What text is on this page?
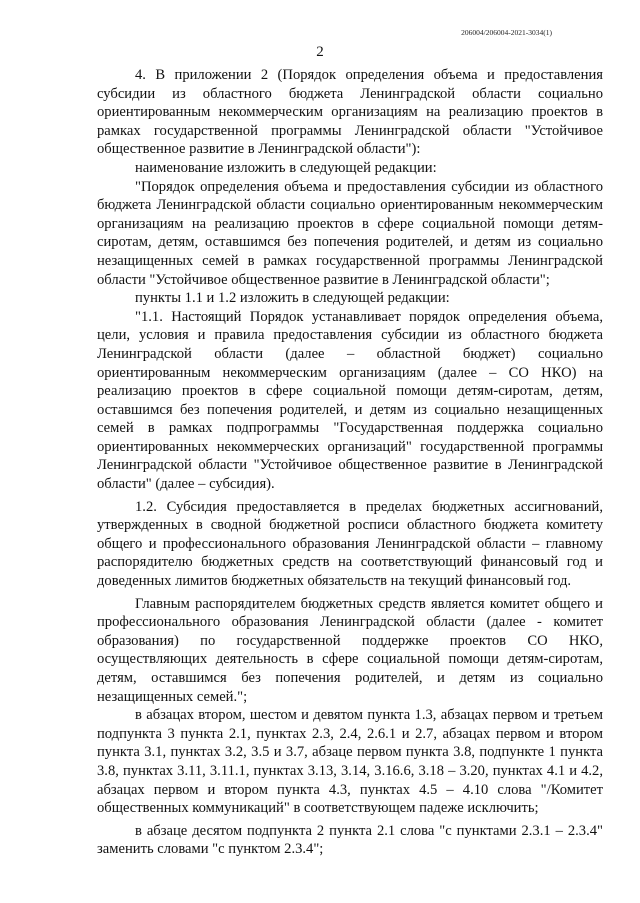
206004/206004-2021-3034(1)
2

4. В приложении 2 (Порядок определения объема и предоставления субсидии из областного бюджета Ленинградской области социально ориентированным некоммерческим организациям на реализацию проектов в рамках государственной программы Ленинградской области "Устойчивое общественное развитие в Ленинградской области"):

наименование изложить в следующей редакции:

"Порядок определения объема и предоставления субсидии из областного бюджета Ленинградской области социально ориентированным некоммерческим организациям на реализацию проектов в сфере социальной помощи детям-сиротам, детям, оставшимся без попечения родителей, и детям из социально незащищенных семей в рамках государственной программы Ленинградской области "Устойчивое общественное развитие в Ленинградской области";

пункты 1.1 и 1.2 изложить в следующей редакции:

"1.1. Настоящий Порядок устанавливает порядок определения объема, цели, условия и правила предоставления субсидии из областного бюджета Ленинградской области (далее – областной бюджет) социально ориентированным некоммерческим организациям (далее – СО НКО) на реализацию проектов в сфере социальной помощи детям-сиротам, детям, оставшимся без попечения родителей, и детям из социально незащищенных семей в рамках подпрограммы "Государственная поддержка социально ориентированных некоммерческих организаций" государственной программы Ленинградской области "Устойчивое общественное развитие в Ленинградской области" (далее – субсидия).

1.2. Субсидия предоставляется в пределах бюджетных ассигнований, утвержденных в сводной бюджетной росписи областного бюджета комитету общего и профессионального образования Ленинградской области – главному распорядителю бюджетных средств на соответствующий финансовый год и доведенных лимитов бюджетных обязательств на текущий финансовый год.

Главным распорядителем бюджетных средств является комитет общего и профессионального образования Ленинградской области (далее - комитет образования) по государственной поддержке проектов СО НКО, осуществляющих деятельность в сфере социальной помощи детям-сиротам, детям, оставшимся без попечения родителей, и детям из социально незащищенных семей.";

в абзацах втором, шестом и девятом пункта 1.3, абзацах первом и третьем подпункта 3 пункта 2.1, пунктах 2.3, 2.4, 2.6.1 и 2.7, абзацах первом и втором пункта 3.1, пунктах 3.2, 3.5 и 3.7, абзаце первом пункта 3.8, подпункте 1 пункта 3.8, пунктах 3.11, 3.11.1, пунктах 3.13, 3.14, 3.16.6, 3.18 – 3.20, пунктах 4.1 и 4.2, абзацах первом и втором пункта 4.3, пунктах 4.5 – 4.10 слова "/Комитет общественных коммуникаций" в соответствующем падеже исключить;

в абзаце десятом подпункта 2 пункта 2.1 слова "с пунктами 2.3.1 – 2.3.4" заменить словами "с пунктом 2.3.4";
